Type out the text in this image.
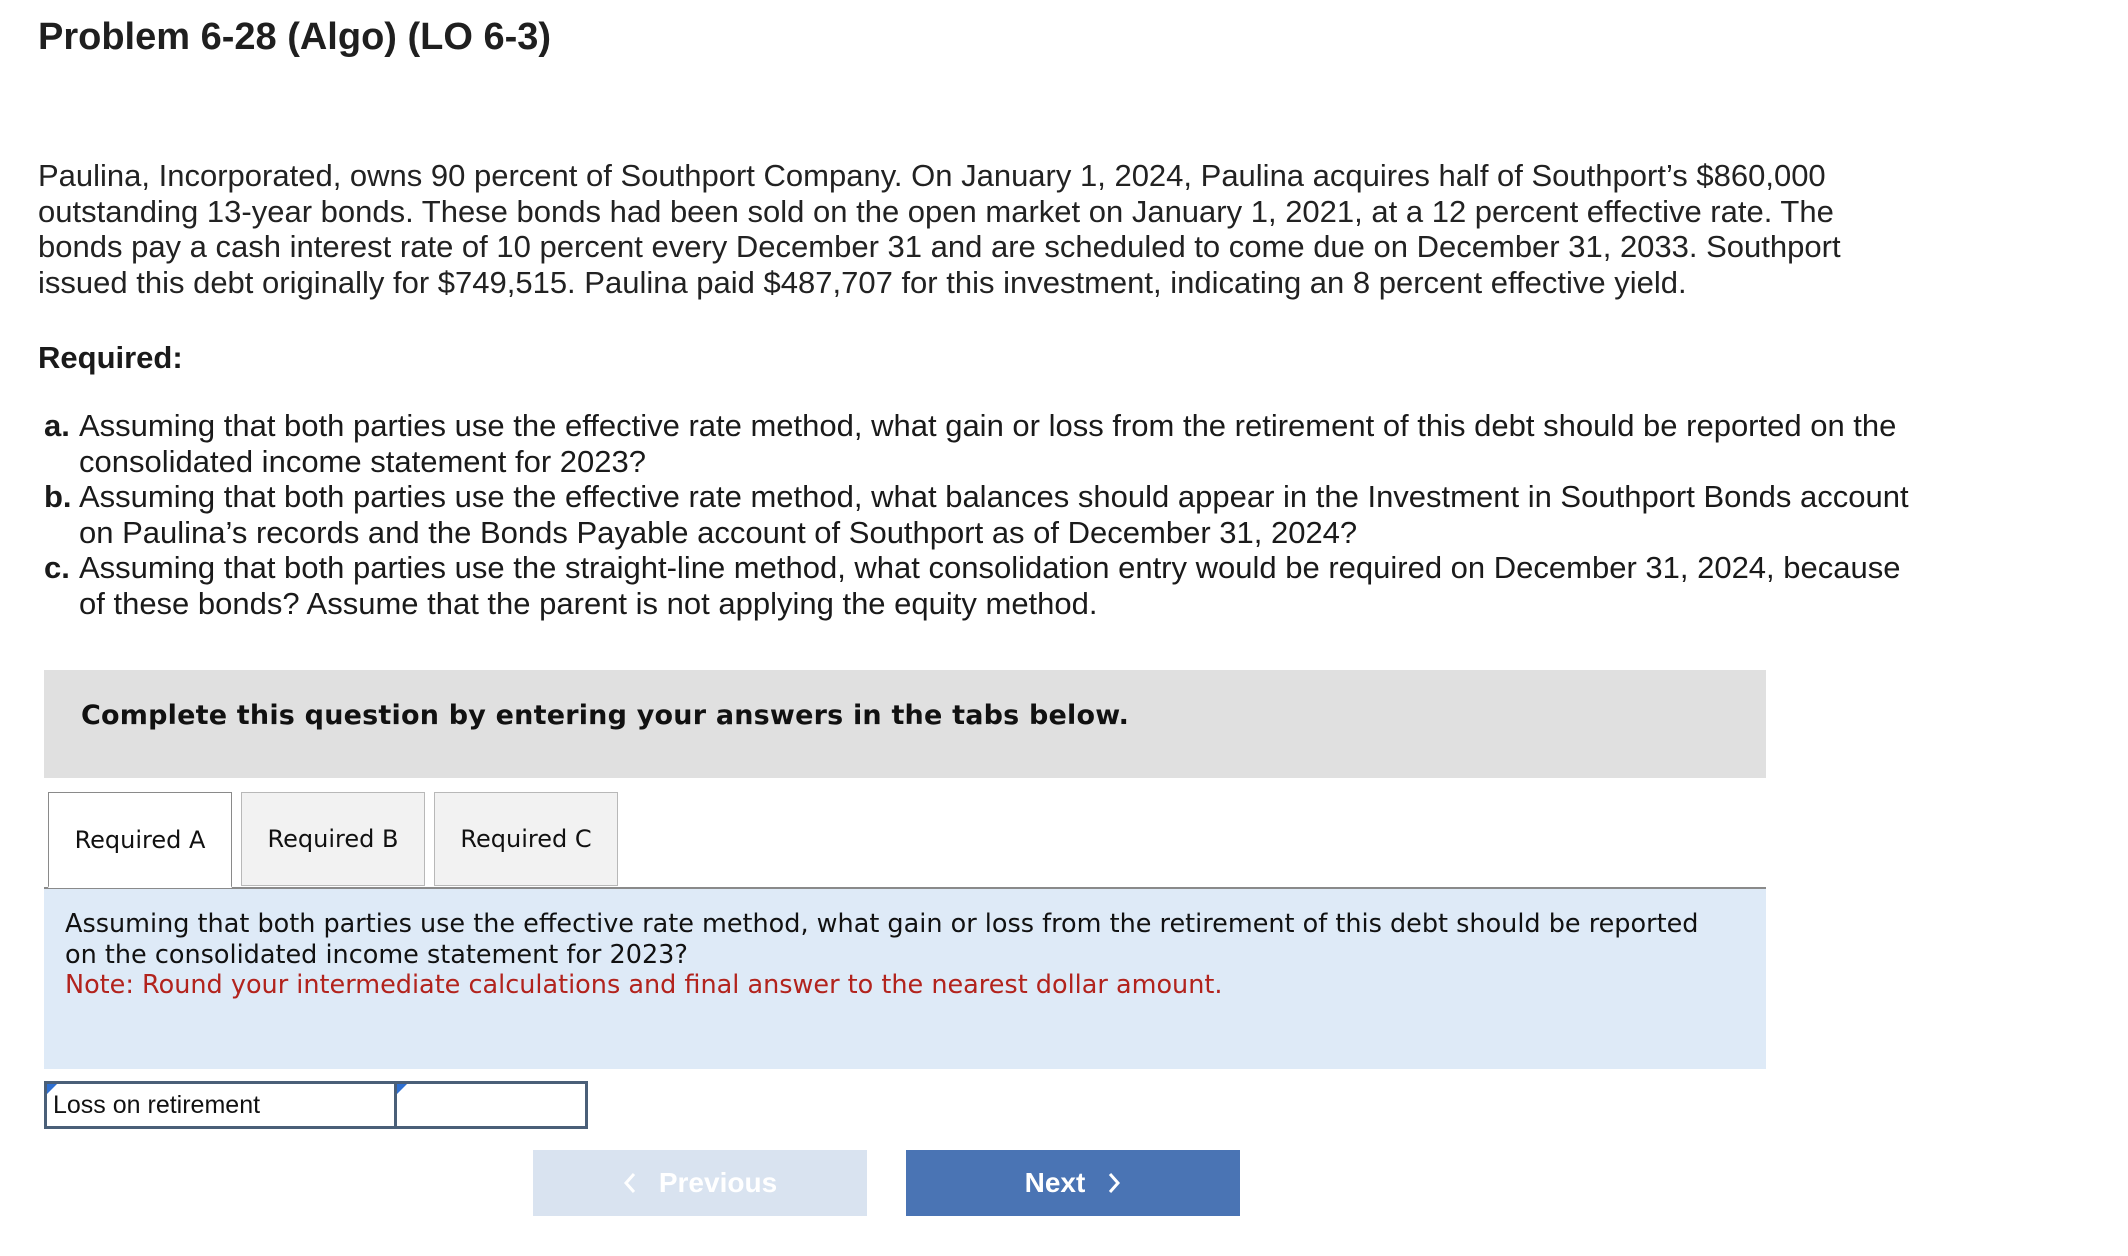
Problem 6-28 (Algo) (LO 6-3)

Paulina, Incorporated, owns 90 percent of Southport Company. On January 1, 2024, Paulina acquires half of Southport’s $860,000 outstanding 13-year bonds. These bonds had been sold on the open market on January 1, 2021, at a 12 percent effective rate. The bonds pay a cash interest rate of 10 percent every December 31 and are scheduled to come due on December 31, 2033. Southport issued this debt originally for $749,515. Paulina paid $487,707 for this investment, indicating an 8 percent effective yield.

Required:
a. Assuming that both parties use the effective rate method, what gain or loss from the retirement of this debt should be reported on the consolidated income statement for 2023?
b. Assuming that both parties use the effective rate method, what balances should appear in the Investment in Southport Bonds account on Paulina’s records and the Bonds Payable account of Southport as of December 31, 2024?
c. Assuming that both parties use the straight-line method, what consolidation entry would be required on December 31, 2024, because of these bonds? Assume that the parent is not applying the equity method.
Complete this question by entering your answers in the tabs below.
Required A	Required B	Required C

Assuming that both parties use the effective rate method, what gain or loss from the retirement of this debt should be reported on the consolidated income statement for 2023?
Note: Round your intermediate calculations and final answer to the nearest dollar amount.

Loss on retirement
Previous	Next
